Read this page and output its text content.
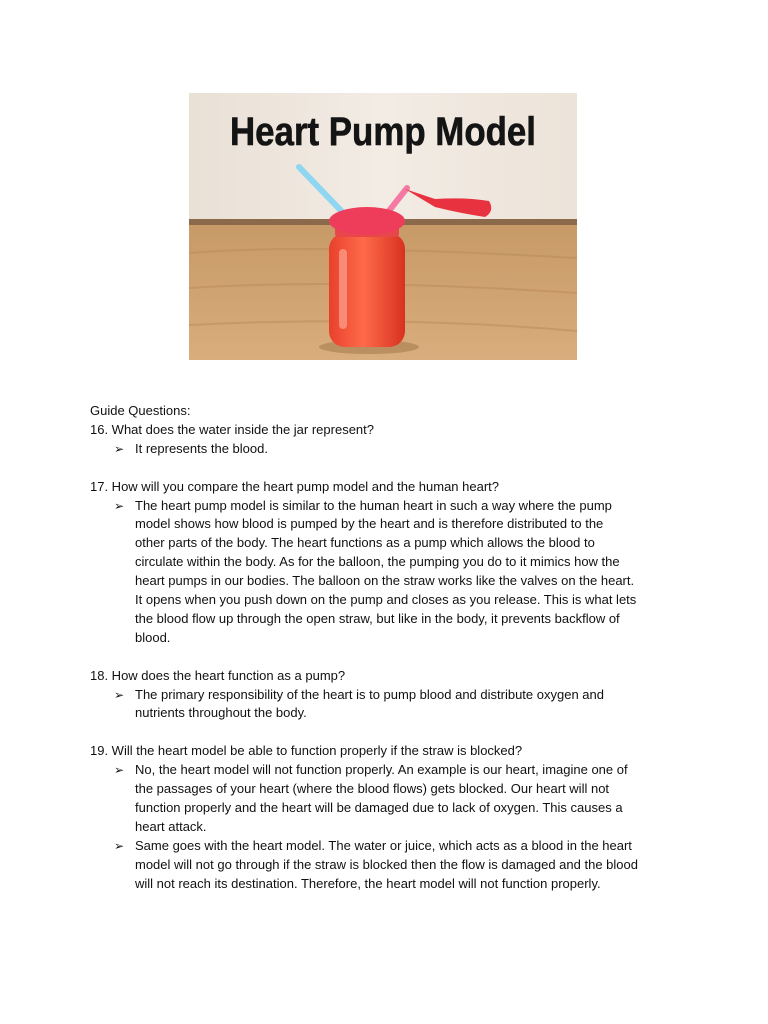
Heart Pump Model
Guide Questions:
16. What does the water inside the jar represent?
➢ It represents the blood.
17. How will you compare the heart pump model and the human heart?
➢ The heart pump model is similar to the human heart in such a way where the pump
model shows how blood is pumped by the heart and is therefore distributed to the
other parts of the body. The heart functions as a pump which allows the blood to
circulate within the body. As for the balloon, the pumping you do to it mimics how the
heart pumps in our bodies. The balloon on the straw works like the valves on the heart.
It opens when you push down on the pump and closes as you release. This is what lets
the blood flow up through the open straw, but like in the body, it prevents backflow of
blood.
18. How does the heart function as a pump?
➢ The primary responsibility of the heart is to pump blood and distribute oxygen and
nutrients throughout the body.
19. Will the heart model be able to function properly if the straw is blocked?
➢ No, the heart model will not function properly. An example is our heart, imagine one of
the passages of your heart (where the blood flows) gets blocked. Our heart will not
function properly and the heart will be damaged due to lack of oxygen. This causes a
heart attack.
➢ Same goes with the heart model. The water or juice, which acts as a blood in the heart
model will not go through if the straw is blocked then the flow is damaged and the blood
will not reach its destination. Therefore, the heart model will not function properly.
